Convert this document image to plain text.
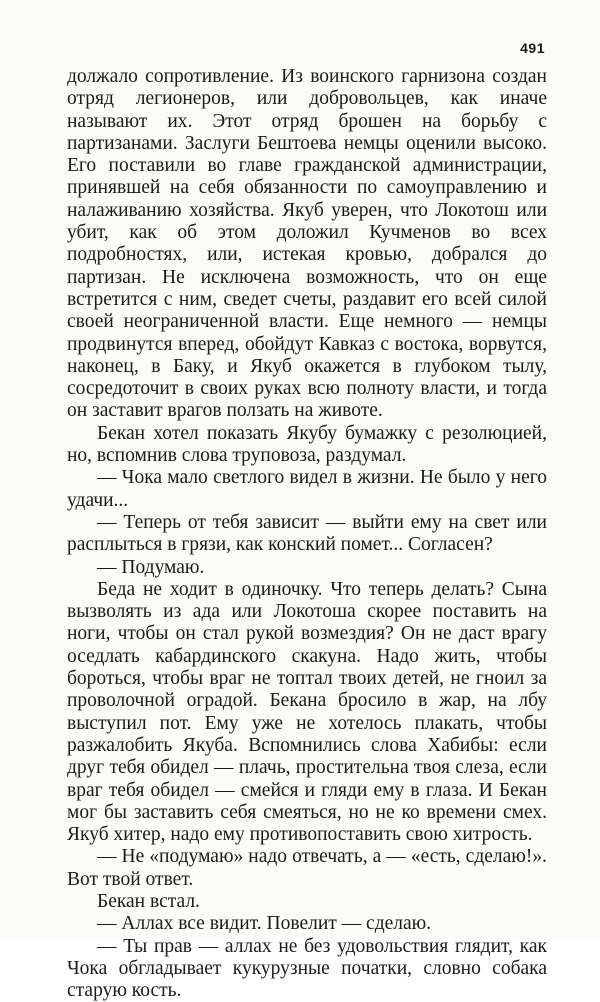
491

должало сопротивление. Из воинского гарнизона создан отряд легионеров, или добровольцев, как иначе называют их. Этот отряд брошен на борьбу с партизанами. Заслуги Бештоева немцы оценили высоко. Его поставили во главе гражданской администрации, принявшей на себя обязанности по самоуправлению и налаживанию хозяйства. Якуб уверен, что Локотош или убит, как об этом доложил Кучменов во всех подробностях, или, истекая кровью, добрался до партизан. Не исключена возможность, что он еще встретится с ним, сведет счеты, раздавит его всей силой своей неограниченной власти. Еще немного — немцы продвинутся вперед, обойдут Кавказ с востока, ворвутся, наконец, в Баку, и Якуб окажется в глубоком тылу, сосредоточит в своих руках всю полноту власти, и тогда он заставит врагов ползать на животе.

Бекан хотел показать Якубу бумажку с резолюцией, но, вспомнив слова труповоза, раздумал.

— Чока мало светлого видел в жизни. Не было у него удачи...

— Теперь от тебя зависит — выйти ему на свет или расплыться в грязи, как конский помет... Согласен?

— Подумаю.

Беда не ходит в одиночку. Что теперь делать? Сына вызволять из ада или Локотоша скорее поставить на ноги, чтобы он стал рукой возмездия? Он не даст врагу оседлать кабардинского скакуна. Надо жить, чтобы бороться, чтобы враг не топтал твоих детей, не гноил за проволочной оградой. Бекана бросило в жар, на лбу выступил пот. Ему уже не хотелось плакать, чтобы разжалобить Якуба. Вспомнились слова Хабибы: если друг тебя обидел — плачь, простительна твоя слеза, если враг тебя обидел — смейся и гляди ему в глаза. И Бекан мог бы заставить себя смеяться, но не ко времени смех. Якуб хитер, надо ему противопоставить свою хитрость.

— Не «подумаю» надо отвечать, а — «есть, сделаю!». Вот твой ответ.

Бекан встал.

— Аллах все видит. Повелит — сделаю.

— Ты прав — аллах не без удовольствия глядит, как Чока обгладывает кукурузные початки, словно собака старую кость.
